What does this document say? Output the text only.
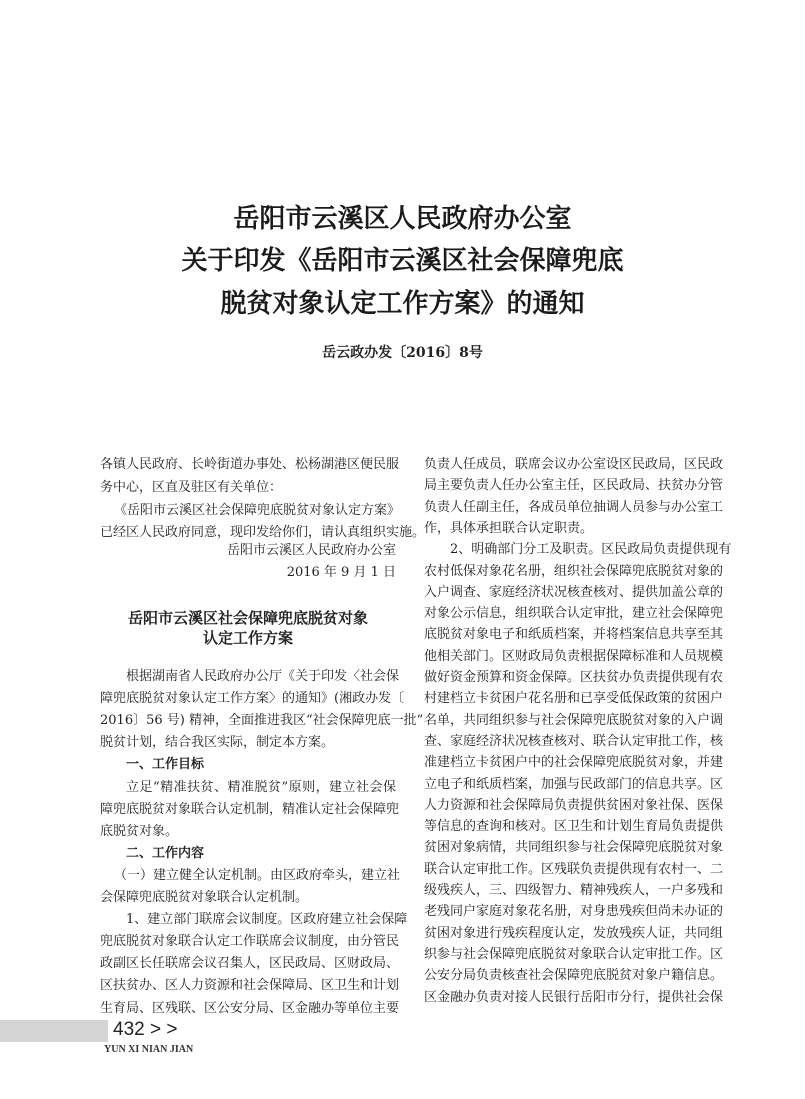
岳阳市云溪区人民政府办公室
关于印发《岳阳市云溪区社会保障兜底
脱贫对象认定工作方案》的通知
岳云政办发〔2016〕8号
各镇人民政府、长岭街道办事处、松杨湖港区便民服
务中心，区直及驻区有关单位：
《岳阳市云溪区社会保障兜底脱贫对象认定方案》
已经区人民政府同意，现印发给你们，请认真组织实施。
岳阳市云溪区人民政府办公室
2016 年 9 月 1 日
岳阳市云溪区社会保障兜底脱贫对象
认定工作方案
根据湖南省人民政府办公厅《关于印发〈社会保
障兜底脱贫对象认定工作方案〉的通知》(湘政办发〔
2016〕56 号) 精神，全面推进我区“社会保障兜底一批”
脱贫计划，结合我区实际，制定本方案。
一、工作目标
立足“精准扶贫、精准脱贫”原则，建立社会保
障兜底脱贫对象联合认定机制，精准认定社会保障兜
底脱贫对象。
二、工作内容
（一）建立健全认定机制。由区政府牵头，建立社
会保障兜底脱贫对象联合认定机制。
1、建立部门联席会议制度。区政府建立社会保障
兜底脱贫对象联合认定工作联席会议制度，由分管民
政副区长任联席会议召集人，区民政局、区财政局、
区扶贫办、区人力资源和社会保障局、区卫生和计划
生育局、区残联、区公安分局、区金融办等单位主要
负责人任成员，联席会议办公室设区民政局，区民政
局主要负责人任办公室主任，区民政局、扶贫办分管
负责人任副主任，各成员单位抽调人员参与办公室工
作，具体承担联合认定职责。
2、明确部门分工及职责。区民政局负责提供现有
农村低保对象花名册，组织社会保障兜底脱贫对象的
入户调查、家庭经济状况核查核对、提供加盖公章的
对象公示信息，组织联合认定审批，建立社会保障兜
底脱贫对象电子和纸质档案，并将档案信息共享至其
他相关部门。区财政局负责根据保障标准和人员规模
做好资金预算和资金保障。区扶贫办负责提供现有农
村建档立卡贫困户花名册和已享受低保政策的贫困户
名单，共同组织参与社会保障兜底脱贫对象的入户调
查、家庭经济状况核查核对、联合认定审批工作，核
准建档立卡贫困户中的社会保障兜底脱贫对象，并建
立电子和纸质档案，加强与民政部门的信息共享。区
人力资源和社会保障局负责提供贫困对象社保、医保
等信息的查询和核对。区卫生和计划生育局负责提供
贫困对象病情，共同组织参与社会保障兜底脱贫对象
联合认定审批工作。区残联负责提供现有农村一、二
级残疾人，三、四级智力、精神残疾人，一户多残和
老残同户家庭对象花名册，对身患残疾但尚未办证的
贫困对象进行残疾程度认定，发放残疾人证，共同组
织参与社会保障兜底脱贫对象联合认定审批工作。区
公安分局负责核查社会保障兜底脱贫对象户籍信息。
区金融办负责对接人民银行岳阳市分行，提供社会保
432 > >
YUN XI NIAN JIAN
